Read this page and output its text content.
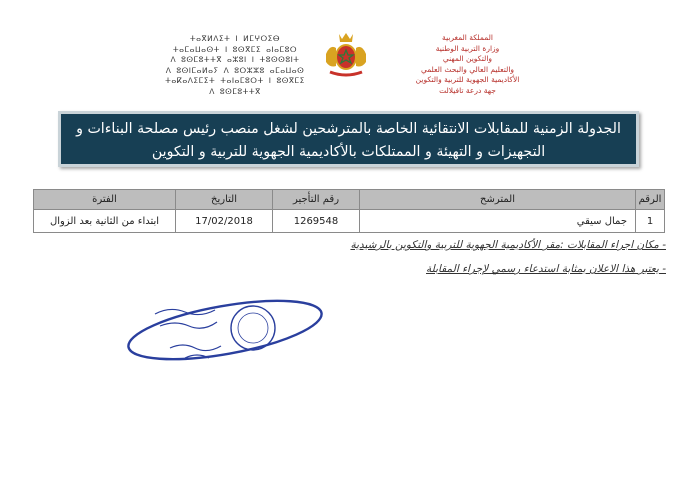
ⵜⴰⴳⵍⴷⵉⵜ ⵏ ⵍⵎⵖⵔⵉⴱ
ⵜⴰⵎⴰⵡⴰⵙⵜ ⵏ ⵓⵙⴳⵎⵉ ⴰⵏⴰⵎⵓⵔ
ⴷ ⵓⵙⵎⵓⵜⵜⴳ ⴰⵣⵓⵏ ⵏ ⵜⵓⵙⵙⵓⵏⵜ
ⴷ ⵓⵙⵏⵎⴰⵍⴰⵢ ⴷ ⵓⵔⵣⵣⵓ ⴰⵎⴰⵡⴰⵙ
ⵜⴰⴽⴰⴷⵉⵎⵉⵜ ⵜⴰⵏⴰⵎⵓⵔⵜ ⵏ ⵓⵙⴳⵎⵉ
ⴷ ⵓⵙⵎⵓⵜⵜⴳ
المملكة المغربية
وزارة التربية الوطنية
والتكوين المهني
والتعليم العالي والبحث العلمي
الأكاديمية الجهوية للتربية والتكوين
جهة درعة تافيلالت
الجدولة الزمنية للمقابلات الانتقائية الخاصة بالمترشحين لشغل منصب رئيس مصلحة البناءات و
التجهيزات و التهيئة و الممتلكات بالأكاديمية الجهوية للتربية و التكوين
الرقم	المترشح	رقم التأجير	التاريخ	الفترة
1	جمال سيقي	1269548	17/02/2018	ابتداء من الثانية بعد الزوال
- مكان اجراء المقابلات :مقر الأكاديمية الجهوية للتربية والتكوين بالرشيدية
- يعتبر هذا الاعلان بمثابة استدعاء رسمي لإجراء المقابلة
